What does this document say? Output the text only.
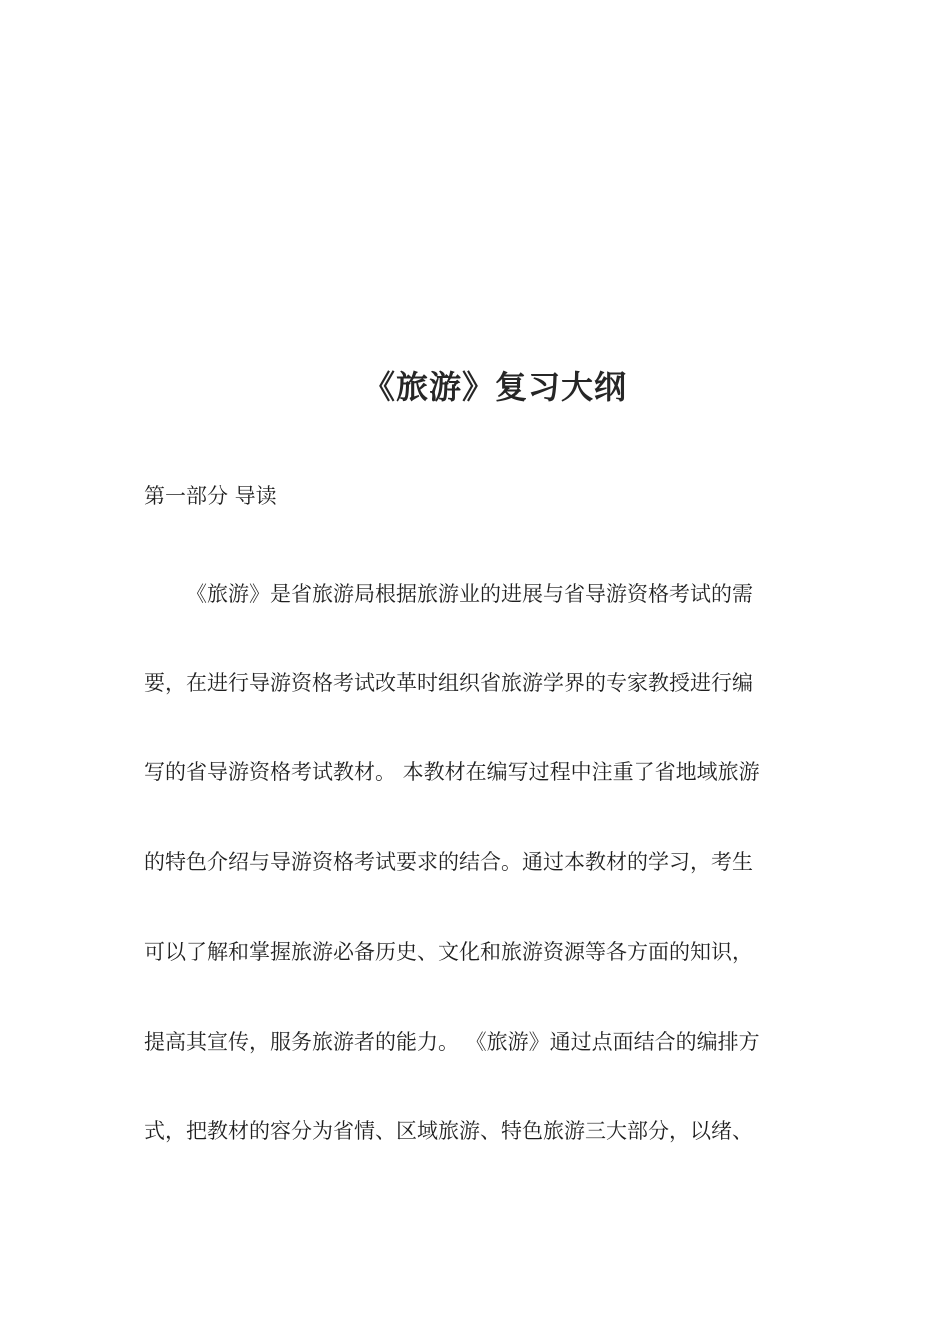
《旅游》复习大纲
第一部分 导读
《旅游》是省旅游局根据旅游业的进展与省导游资格考试的需
要，在进行导游资格考试改革时组织省旅游学界的专家教授进行编
写的省导游资格考试教材。 本教材在编写过程中注重了省地域旅游
的特色介绍与导游资格考试要求的结合。通过本教材的学习，考生
可以了解和掌握旅游必备历史、文化和旅游资源等各方面的知识，
提高其宣传，服务旅游者的能力。 《旅游》通过点面结合的编排方
式，把教材的容分为省情、区域旅游、特色旅游三大部分，以绪、
